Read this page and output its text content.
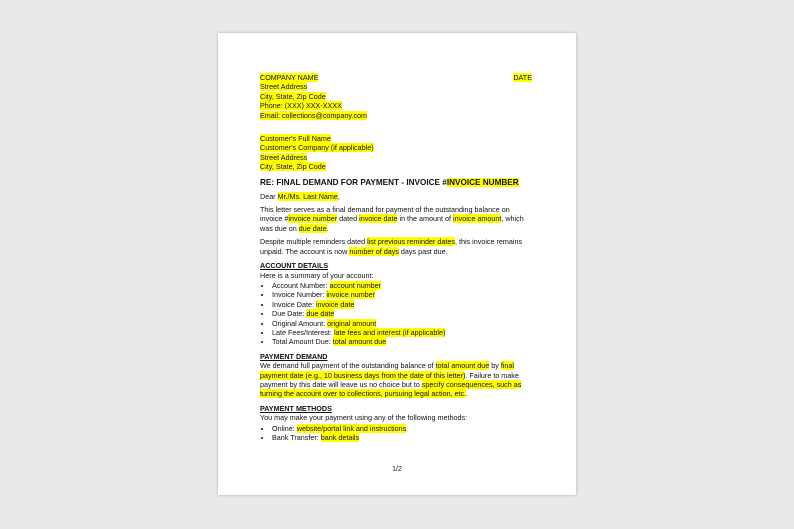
COMPANY NAME	DATE
Street Address
City, State, Zip Code
Phone: (XXX) XXX-XXXX
Email: collections@company.com
Customer's Full Name
Customer's Company (if applicable)
Street Address
City, State, Zip Code
RE: FINAL DEMAND FOR PAYMENT - INVOICE #INVOICE NUMBER

Dear Mr./Ms. Last Name,

This letter serves as a final demand for payment of the outstanding balance on invoice #invoice number dated invoice date in the amount of invoice amount, which was due on due date.

Despite multiple reminders dated list previous reminder dates, this invoice remains unpaid. The account is now number of days days past due.

ACCOUNT DETAILS
Here is a summary of your account:
• Account Number: account number
• Invoice Number: invoice number
• Invoice Date: invoice date
• Due Date: due date
• Original Amount: original amount
• Late Fees/Interest: late fees and interest (if applicable)
• Total Amount Due: total amount due
PAYMENT DEMAND
We demand full payment of the outstanding balance of total amount due by final payment date (e.g., 10 business days from the date of this letter). Failure to make payment by this date will leave us no choice but to specify consequences, such as turning the account over to collections, pursuing legal action, etc..
PAYMENT METHODS
You may make your payment using any of the following methods:
• Online: website/portal link and instructions
• Bank Transfer: bank details
1/2
